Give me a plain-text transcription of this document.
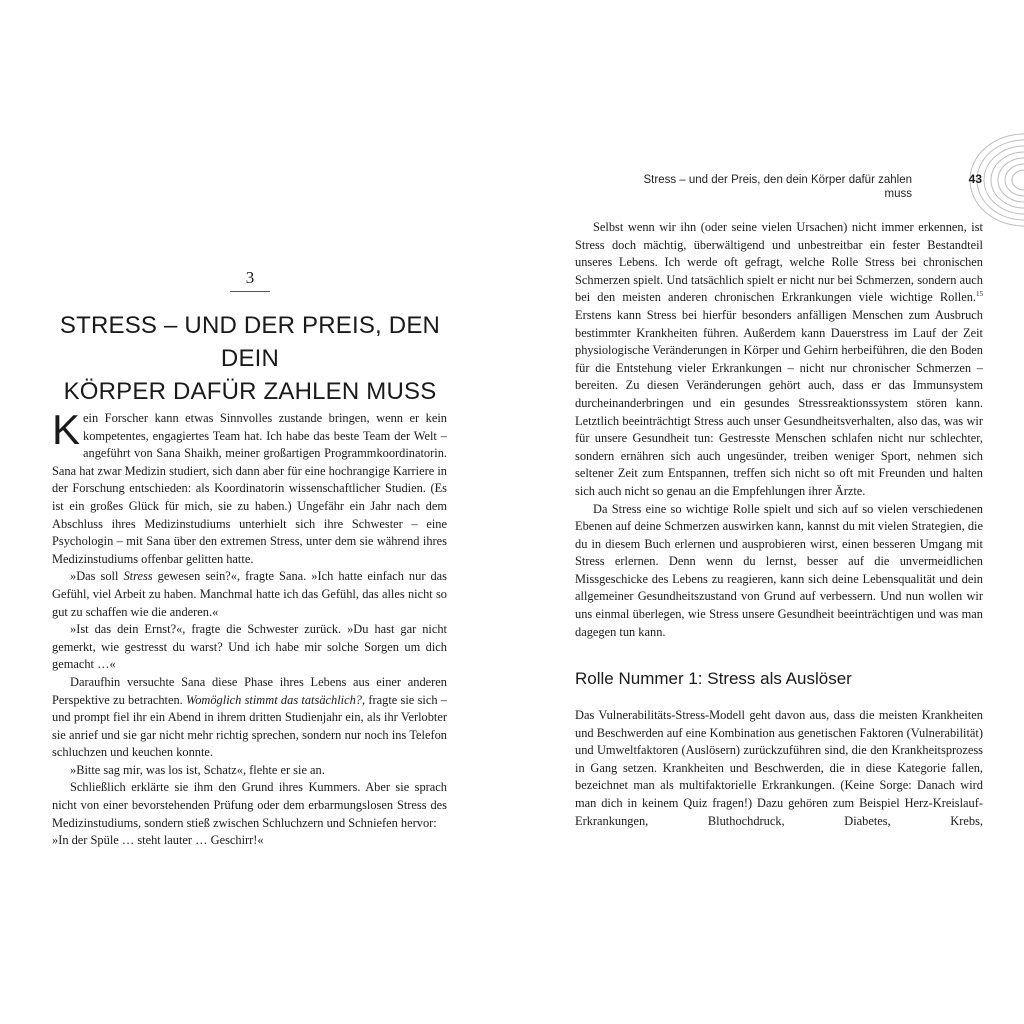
3
STRESS – UND DER PREIS, DEN DEIN
KÖRPER DAFÜR ZAHLEN MUSS

Kein Forscher kann etwas Sinnvolles zustande bringen, wenn er kein kompetentes, engagiertes Team hat. Ich habe das beste Team der Welt – angeführt von Sana Shaikh, meiner großartigen Programmkoordinatorin. Sana hat zwar Medizin studiert, sich dann aber für eine hochrangige Karriere in der Forschung entschieden: als Koordinatorin wissenschaftlicher Studien. (Es ist ein großes Glück für mich, sie zu haben.) Ungefähr ein Jahr nach dem Abschluss ihres Medizinstudiums unterhielt sich ihre Schwester – eine Psychologin – mit Sana über den extremen Stress, unter dem sie während ihres Medizinstudiums offenbar gelitten hatte.

»Das soll Stress gewesen sein?«, fragte Sana. »Ich hatte einfach nur das Gefühl, viel Arbeit zu haben. Manchmal hatte ich das Gefühl, das alles nicht so gut zu schaffen wie die anderen.«

»Ist das dein Ernst?«, fragte die Schwester zurück. »Du hast gar nicht gemerkt, wie gestresst du warst? Und ich habe mir solche Sorgen um dich gemacht …«

Daraufhin versuchte Sana diese Phase ihres Lebens aus einer anderen Perspektive zu betrachten. Womöglich stimmt das tatsächlich?, fragte sie sich – und prompt fiel ihr ein Abend in ihrem dritten Studienjahr ein, als ihr Verlobter sie anrief und sie gar nicht mehr richtig sprechen, sondern nur noch ins Telefon schluchzen und keuchen konnte.

»Bitte sag mir, was los ist, Schatz«, flehte er sie an.

Schließlich erklärte sie ihm den Grund ihres Kummers. Aber sie sprach nicht von einer bevorstehenden Prüfung oder dem erbarmungslosen Stress des Medizinstudiums, sondern stieß zwischen Schluchzern und Schniefen hervor:

»In der Spüle … steht lauter … Geschirr!«

Stress – und der Preis, den dein Körper dafür zahlen muss
43

Selbst wenn wir ihn (oder seine vielen Ursachen) nicht immer erkennen, ist Stress doch mächtig, überwältigend und unbestreitbar ein fester Bestandteil unseres Lebens. Ich werde oft gefragt, welche Rolle Stress bei chronischen Schmerzen spielt. Und tatsächlich spielt er nicht nur bei Schmerzen, sondern auch bei den meisten anderen chronischen Erkrankungen viele wichtige Rollen.$^{15}$ Erstens kann Stress bei hierfür besonders anfälligen Menschen zum Ausbruch bestimmter Krankheiten führen. Außerdem kann Dauerstress im Lauf der Zeit physiologische Veränderungen in Körper und Gehirn herbeiführen, die den Boden für die Entstehung vieler Erkrankungen – nicht nur chronischer Schmerzen – bereiten. Zu diesen Veränderungen gehört auch, dass er das Immunsystem durcheinanderbringen und ein gesundes Stressreaktionssystem stören kann. Letztlich beeinträchtigt Stress auch unser Gesundheitsverhalten, also das, was wir für unsere Gesundheit tun: Gestresste Menschen schlafen nicht nur schlechter, sondern ernähren sich auch ungesünder, treiben weniger Sport, nehmen sich seltener Zeit zum Entspannen, treffen sich nicht so oft mit Freunden und halten sich auch nicht so genau an die Empfehlungen ihrer Ärzte.

Da Stress eine so wichtige Rolle spielt und sich auf so vielen verschiedenen Ebenen auf deine Schmerzen auswirken kann, kannst du mit vielen Strategien, die du in diesem Buch erlernen und ausprobieren wirst, einen besseren Umgang mit Stress erlernen. Denn wenn du lernst, besser auf die unvermeidlichen Missgeschicke des Lebens zu reagieren, kann sich deine Lebensqualität und dein allgemeiner Gesundheitszustand von Grund auf verbessern. Und nun wollen wir uns einmal überlegen, wie Stress unsere Gesundheit beeinträchtigen und was man dagegen tun kann.

Rolle Nummer 1: Stress als Auslöser

Das Vulnerabilitäts-Stress-Modell geht davon aus, dass die meisten Krankheiten und Beschwerden auf eine Kombination aus genetischen Faktoren (Vulnerabilität) und Umweltfaktoren (Auslösern) zurückzuführen sind, die den Krankheitsprozess in Gang setzen. Krankheiten und Beschwerden, die in diese Kategorie fallen, bezeichnet man als multifaktorielle Erkrankungen. (Keine Sorge: Danach wird man dich in keinem Quiz fragen!) Dazu gehören zum Beispiel Herz-Kreislauf-Erkrankungen, Bluthochdruck, Diabetes, Krebs,
